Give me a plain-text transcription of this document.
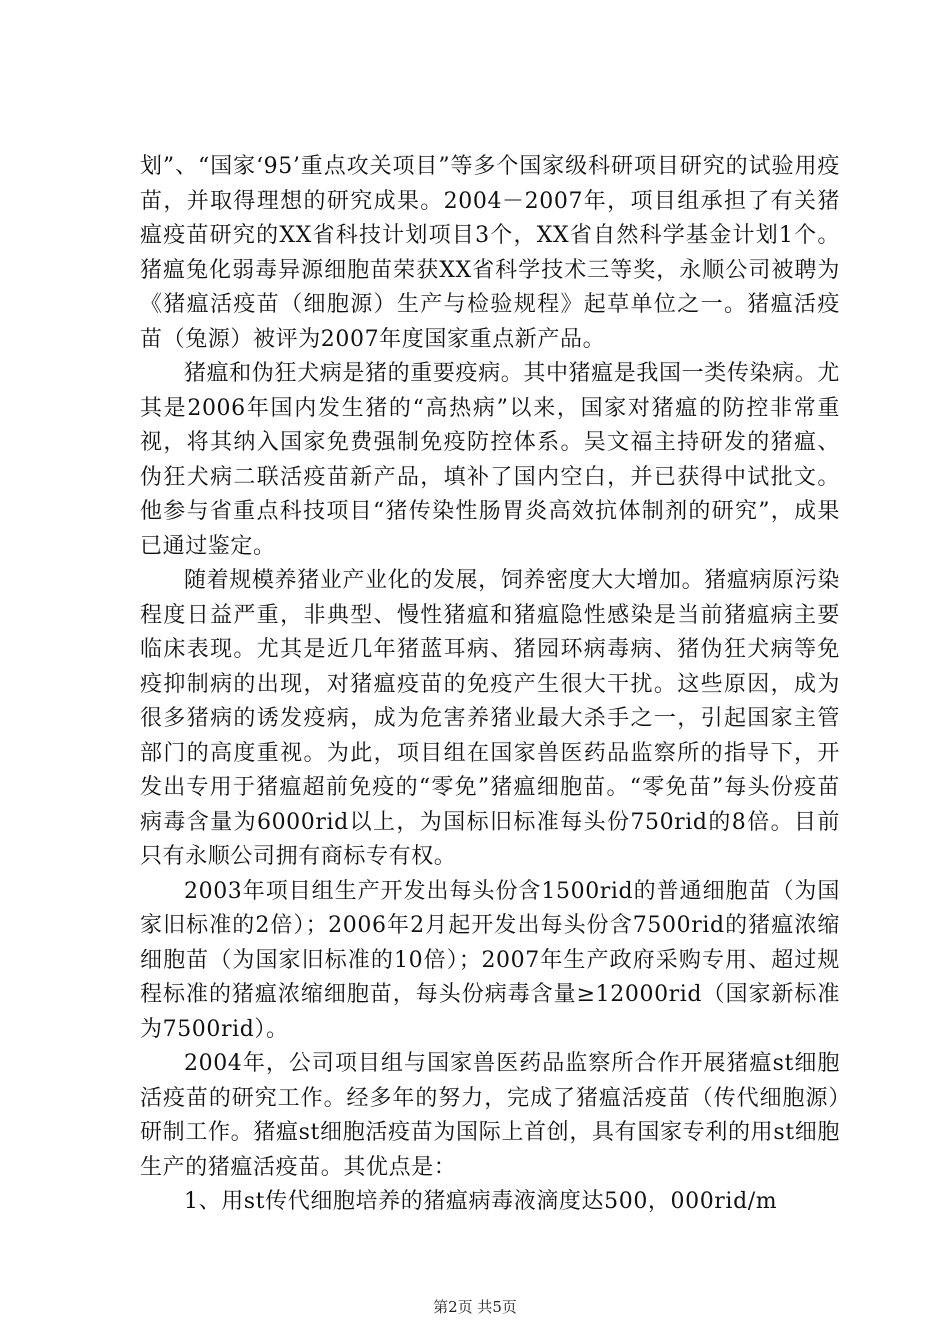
划”、“国家‘95’重点攻关项目”等多个国家级科研项目研究的试验用疫苗，并取得理想的研究成果。2004－2007年，项目组承担了有关猪瘟疫苗研究的XX省科技计划项目3个，XX省自然科学基金计划1个。猪瘟兔化弱毒异源细胞苗荣获XX省科学技术三等奖，永顺公司被聘为《猪瘟活疫苗（细胞源）生产与检验规程》起草单位之一。猪瘟活疫苗（兔源）被评为2007年度国家重点新产品。

猪瘟和伪狂犬病是猪的重要疫病。其中猪瘟是我国一类传染病。尤其是2006年国内发生猪的“高热病”以来，国家对猪瘟的防控非常重视，将其纳入国家免费强制免疫防控体系。吴文福主持研发的猪瘟、伪狂犬病二联活疫苗新产品，填补了国内空白，并已获得中试批文。他参与省重点科技项目“猪传染性肠胃炎高效抗体制剂的研究”，成果已通过鉴定。

随着规模养猪业产业化的发展，饲养密度大大增加。猪瘟病原污染程度日益严重，非典型、慢性猪瘟和猪瘟隐性感染是当前猪瘟病主要临床表现。尤其是近几年猪蓝耳病、猪园环病毒病、猪伪狂犬病等免疫抑制病的出现，对猪瘟疫苗的免疫产生很大干扰。这些原因，成为很多猪病的诱发疫病，成为危害养猪业最大杀手之一，引起国家主管部门的高度重视。为此，项目组在国家兽医药品监察所的指导下，开发出专用于猪瘟超前免疫的“零免”猪瘟细胞苗。“零免苗”每头份疫苗病毒含量为6000rid以上，为国标旧标准每头份750rid的8倍。目前只有永顺公司拥有商标专有权。

2003年项目组生产开发出每头份含1500rid的普通细胞苗（为国家旧标准的2倍）；2006年2月起开发出每头份含7500rid的猪瘟浓缩细胞苗（为国家旧标准的10倍）；2007年生产政府采购专用、超过规程标准的猪瘟浓缩细胞苗，每头份病毒含量≥12000rid（国家新标准为7500rid）。

2004年，公司项目组与国家兽医药品监察所合作开展猪瘟st细胞活疫苗的研究工作。经多年的努力，完成了猪瘟活疫苗（传代细胞源）研制工作。猪瘟st细胞活疫苗为国际上首创，具有国家专利的用st细胞生产的猪瘟活疫苗。其优点是：

1、用st传代细胞培养的猪瘟病毒液滴度达500，000rid/m

第2页 共5页
